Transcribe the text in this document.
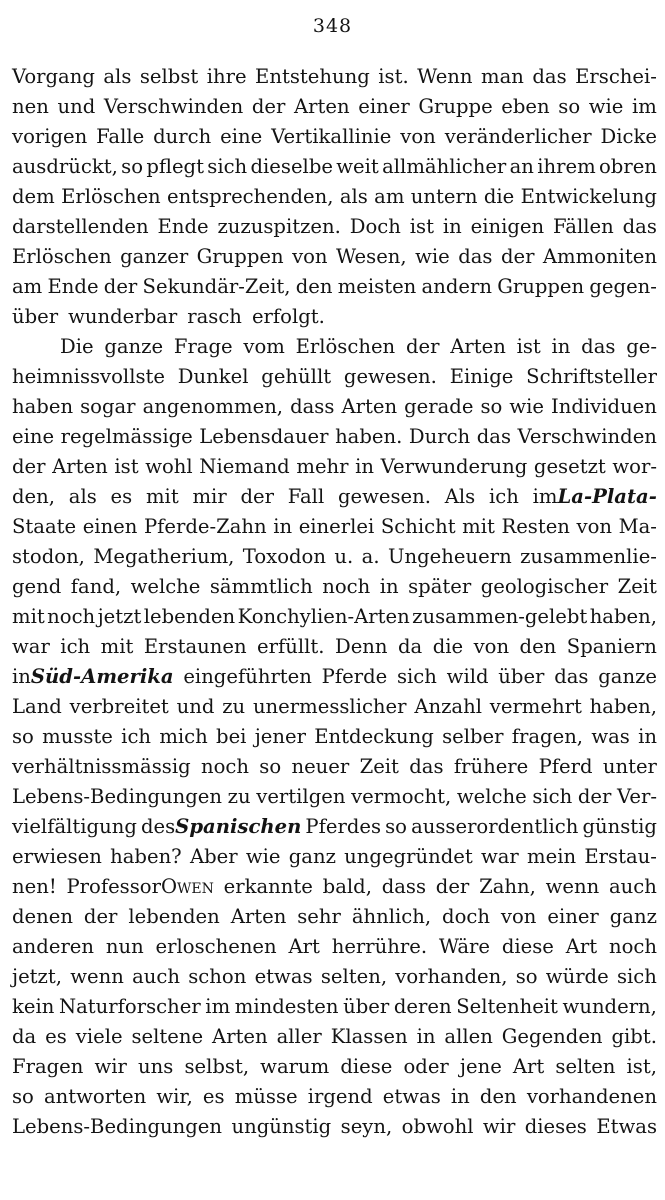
348
Vorgang als selbst ihre Entstehung ist. Wenn man das Erschei-
nen und Verschwinden der Arten einer Gruppe eben so wie im
vorigen Falle durch eine Vertikallinie von veränderlicher Dicke
ausdrückt, so pflegt sich dieselbe weit allmählicher an ihrem obren
dem Erlöschen entsprechenden, als am untern die Entwickelung
darstellenden Ende zuzuspitzen. Doch ist in einigen Fällen das
Erlöschen ganzer Gruppen von Wesen, wie das der Ammoniten
am Ende der Sekundär-Zeit, den meisten andern Gruppen gegen-
über wunderbar rasch erfolgt.
Die ganze Frage vom Erlöschen der Arten ist in das ge-
heimnissvollste Dunkel gehüllt gewesen. Einige Schriftsteller
haben sogar angenommen, dass Arten gerade so wie Individuen
eine regelmässige Lebensdauer haben. Durch das Verschwinden
der Arten ist wohl Niemand mehr in Verwunderung gesetzt wor-
den, als es mit mir der Fall gewesen. Als ich imLa-Plata-
Staate einen Pferde-Zahn in einerlei Schicht mit Resten von Ma-
stodon, Megatherium, Toxodon u. a. Ungeheuern zusammenlie-
gend fand, welche sämmtlich noch in später geologischer Zeit
mit noch jetzt lebenden Konchylien-Arten zusammen-gelebt haben,
war ich mit Erstaunen erfüllt. Denn da die von den Spaniern
inSüd-Amerika eingeführten Pferde sich wild über das ganze
Land verbreitet und zu unermesslicher Anzahl vermehrt haben,
so musste ich mich bei jener Entdeckung selber fragen, was in
verhältnissmässig noch so neuer Zeit das frühere Pferd unter
Lebens-Bedingungen zu vertilgen vermocht, welche sich der Ver-
vielfältigung desSpanischen Pferdes so ausserordentlich günstig
erwiesen haben? Aber wie ganz ungegründet war mein Erstau-
nen! ProfessorOwen erkannte bald, dass der Zahn, wenn auch
denen der lebenden Arten sehr ähnlich, doch von einer ganz
anderen nun erloschenen Art herrühre. Wäre diese Art noch
jetzt, wenn auch schon etwas selten, vorhanden, so würde sich
kein Naturforscher im mindesten über deren Seltenheit wundern,
da es viele seltene Arten aller Klassen in allen Gegenden gibt.
Fragen wir uns selbst, warum diese oder jene Art selten ist,
so antworten wir, es müsse irgend etwas in den vorhandenen
Lebens-Bedingungen ungünstig seyn, obwohl wir dieses Etwas
